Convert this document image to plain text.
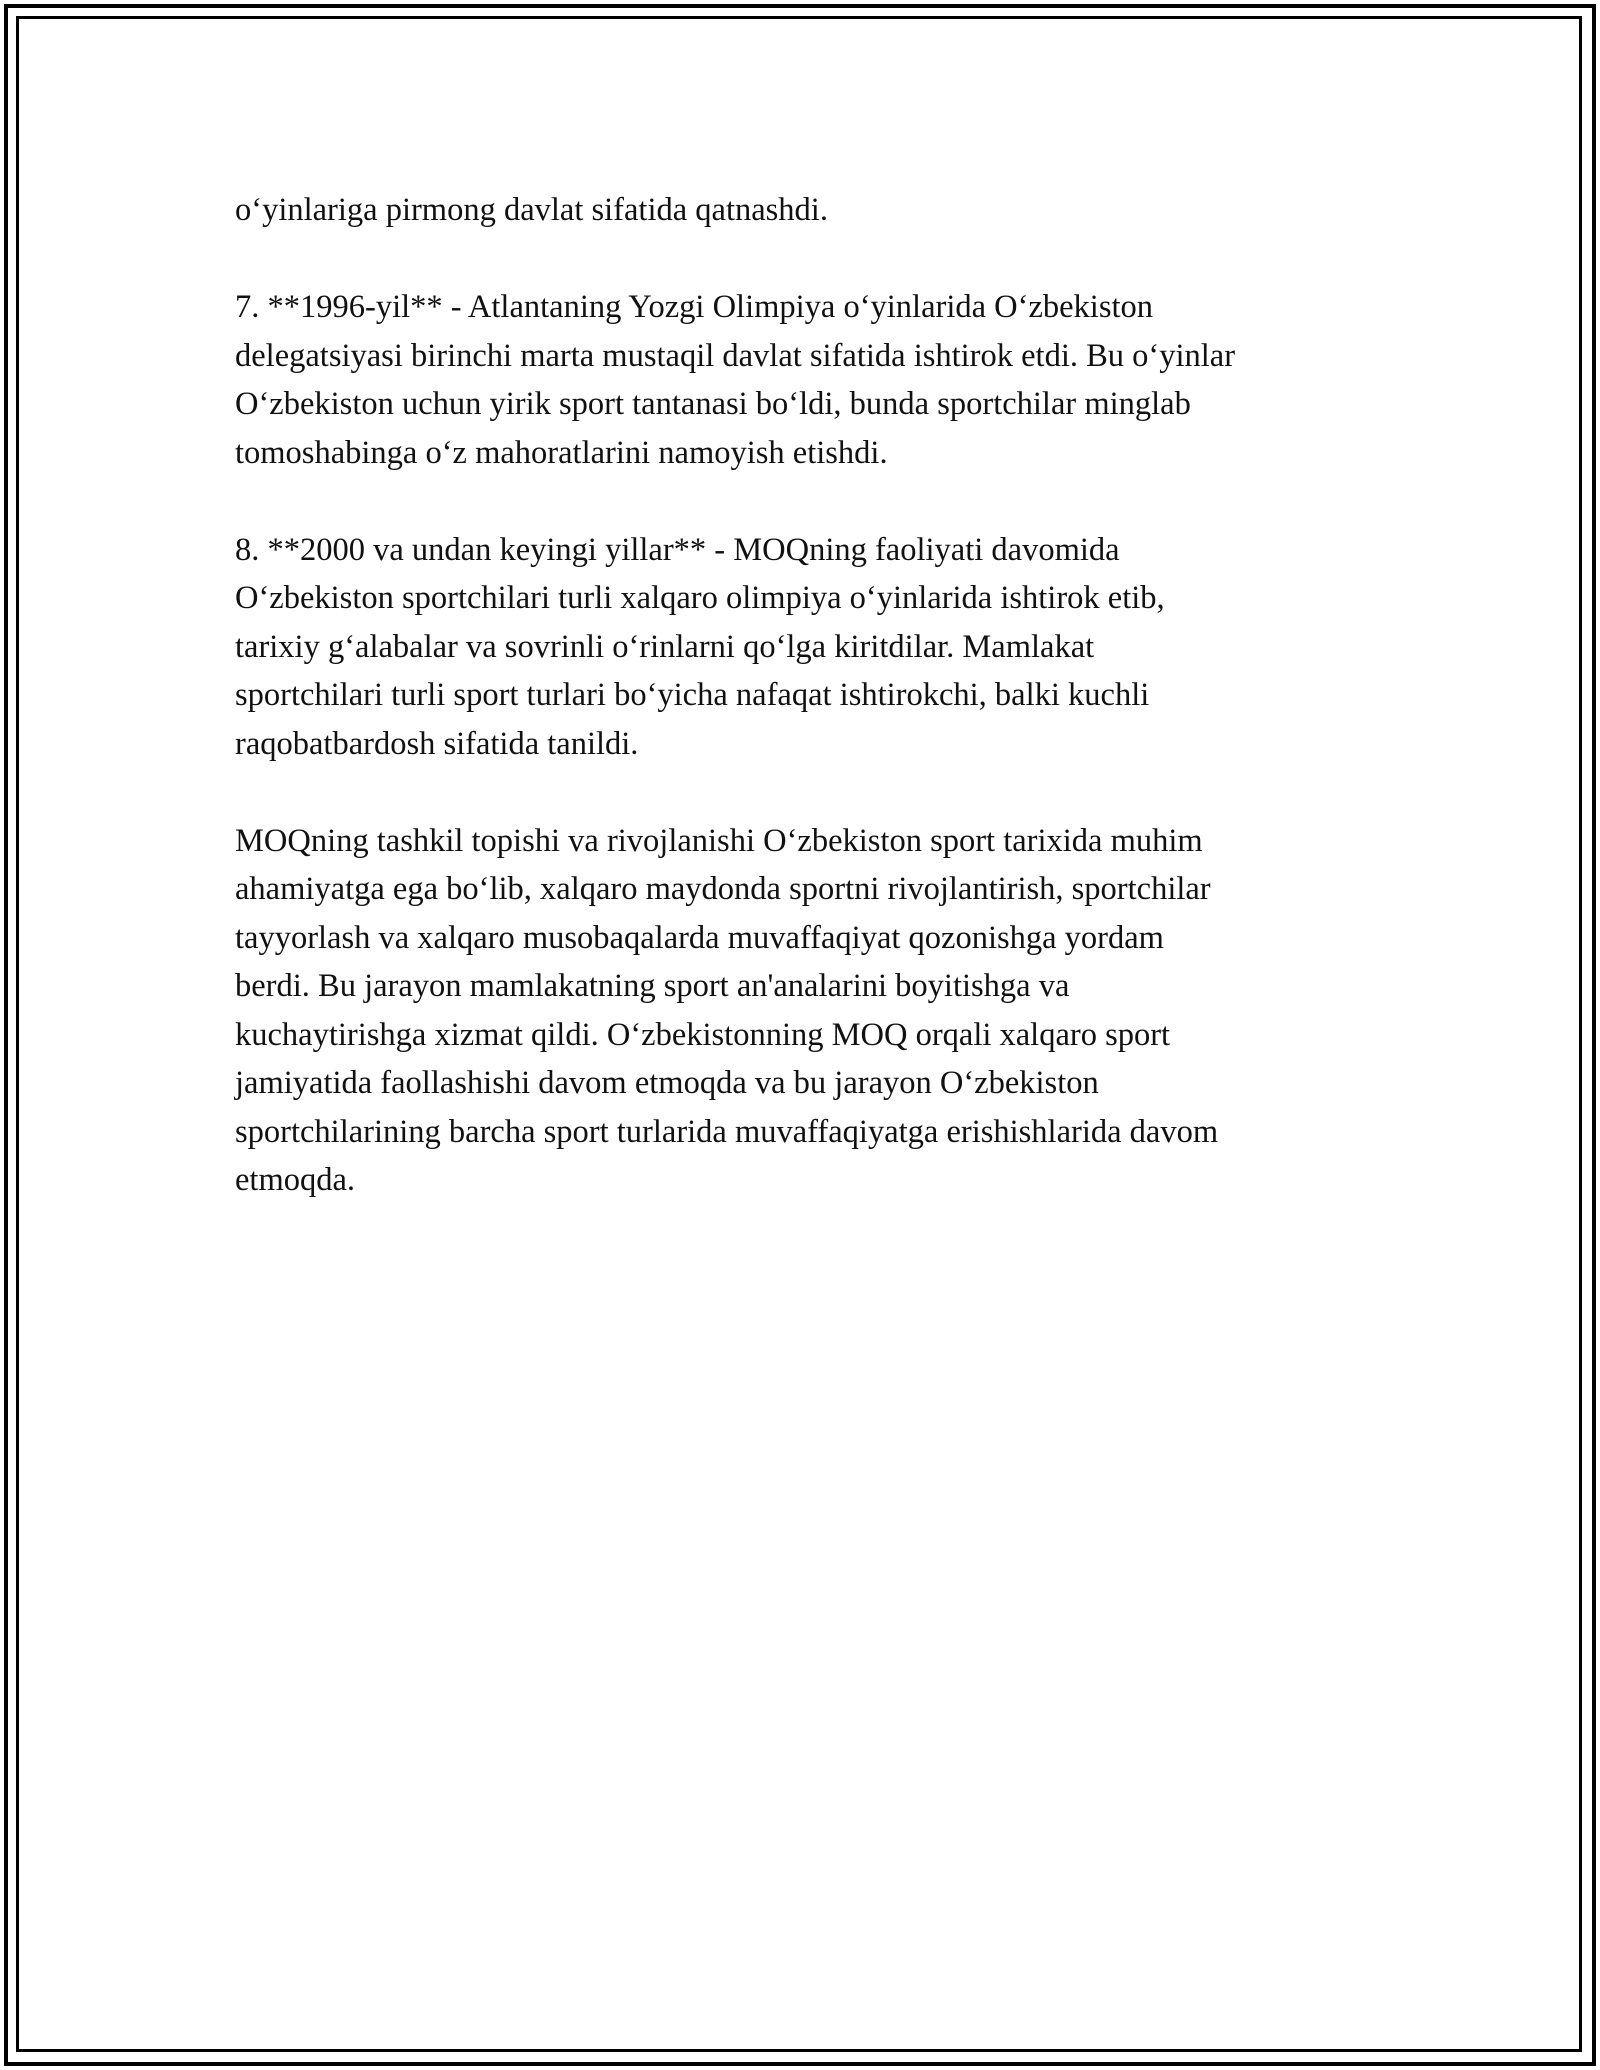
o‘yinlariga pirmong davlat sifatida qatnashdi.

7. **1996-yil** - Atlantaning Yozgi Olimpiya o‘yinlarida O‘zbekiston
delegatsiyasi birinchi marta mustaqil davlat sifatida ishtirok etdi. Bu o‘yinlar
O‘zbekiston uchun yirik sport tantanasi bo‘ldi, bunda sportchilar minglab
tomoshabinga o‘z mahoratlarini namoyish etishdi.

8. **2000 va undan keyingi yillar** - MOQning faoliyati davomida
O‘zbekiston sportchilari turli xalqaro olimpiya o‘yinlarida ishtirok etib,
tarixiy g‘alabalar va sovrinli o‘rinlarni qo‘lga kiritdilar. Mamlakat
sportchilari turli sport turlari bo‘yicha nafaqat ishtirokchi, balki kuchli
raqobatbardosh sifatida tanildi.

MOQning tashkil topishi va rivojlanishi O‘zbekiston sport tarixida muhim
ahamiyatga ega bo‘lib, xalqaro maydonda sportni rivojlantirish, sportchilar
tayyorlash va xalqaro musobaqalarda muvaffaqiyat qozonishga yordam
berdi. Bu jarayon mamlakatning sport an'analarini boyitishga va
kuchaytirishga xizmat qildi. O‘zbekistonning MOQ orqali xalqaro sport
jamiyatida faollashishi davom etmoqda va bu jarayon O‘zbekiston
sportchilarining barcha sport turlarida muvaffaqiyatga erishishlarida davom
etmoqda.
